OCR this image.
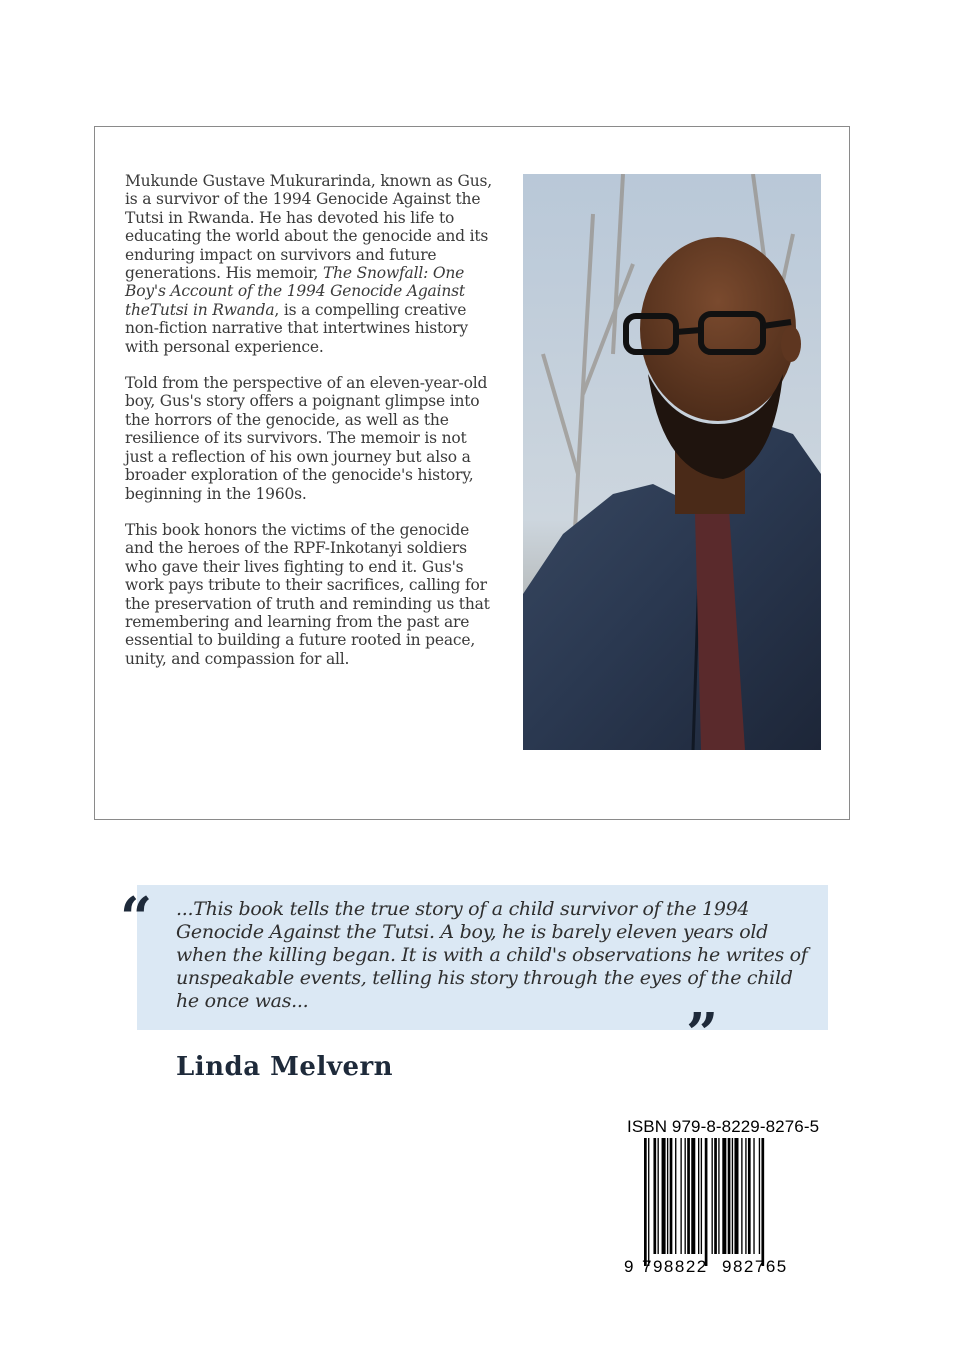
Mukunde Gustave Mukurarinda, known as Gus, is a survivor of the 1994 Genocide Against the Tutsi in Rwanda. He has devoted his life to educating the world about the genocide and its enduring impact on survivors and future generations. His memoir, The Snowfall: One Boy's Account of the 1994 Genocide Against theTutsi in Rwanda, is a compelling creative non-fiction narrative that intertwines history with personal experience.

Told from the perspective of an eleven-year-old boy, Gus's story offers a poignant glimpse into the horrors of the genocide, as well as the resilience of its survivors. The memoir is not just a reflection of his own journey but also a broader exploration of the genocide's history, beginning in the 1960s.

This book honors the victims of the genocide and the heroes of the RPF-Inkotanyi soldiers who gave their lives fighting to end it. Gus's work pays tribute to their sacrifices, calling for the preservation of truth and reminding us that remembering and learning from the past are essential to building a future rooted in peace, unity, and compassion for all.

“ ...This book tells the true story of a child survivor of the 1994 Genocide Against the Tutsi. A boy, he is barely eleven years old when the killing began. It is with a child's observations he writes of unspeakable events, telling his story through the eyes of the child he once was...	”
Linda Melvern
ISBN 979-8-8229-8276-5
9 798822 982765
